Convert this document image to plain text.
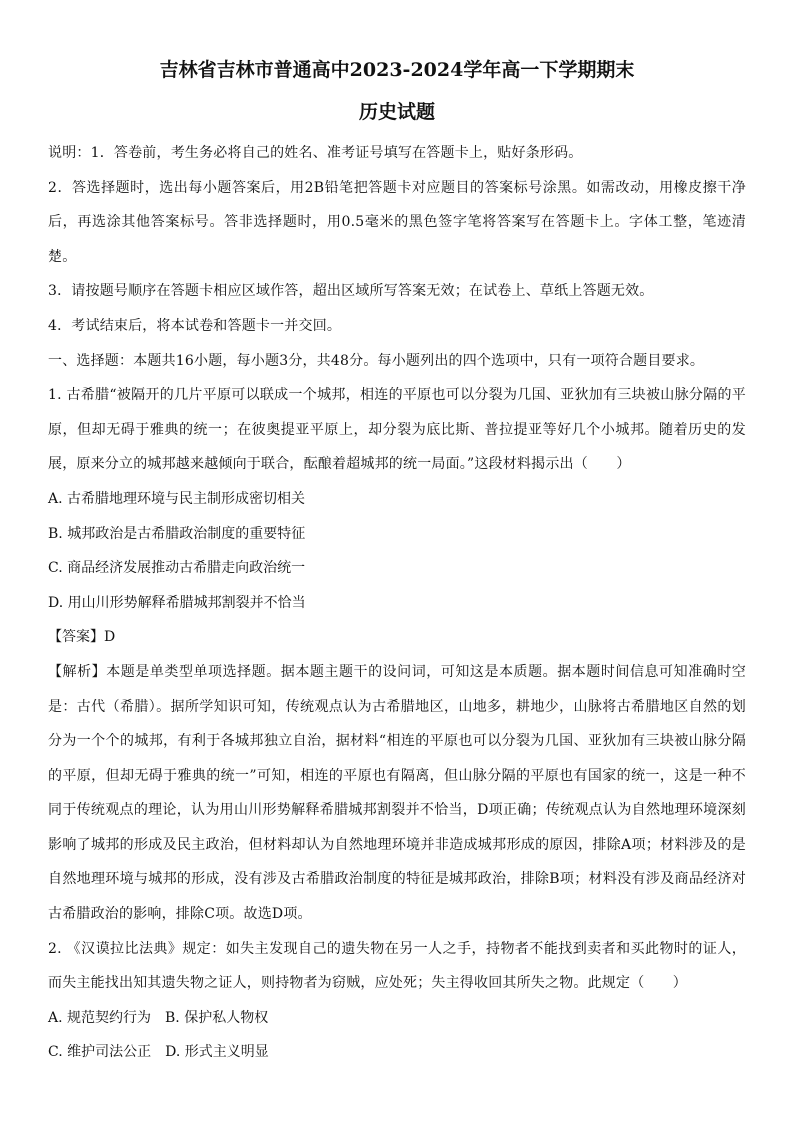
吉林省吉林市普通高中2023-2024学年高一下学期期末
历史试题

说明：1．答卷前，考生务必将自己的姓名、准考证号填写在答题卡上，贴好条形码。

2．答选择题时，选出每小题答案后，用2B铅笔把答题卡对应题目的答案标号涂黑。如需改动，用橡皮擦干净后，再选涂其他答案标号。答非选择题时，用0.5毫米的黑色签字笔将答案写在答题卡上。字体工整，笔迹清楚。

3．请按题号顺序在答题卡相应区域作答，超出区域所写答案无效；在试卷上、草纸上答题无效。

4．考试结束后，将本试卷和答题卡一并交回。

一、选择题：本题共16小题，每小题3分，共48分。每小题列出的四个选项中，只有一项符合题目要求。

1. 古希腊“被隔开的几片平原可以联成一个城邦，相连的平原也可以分裂为几国、亚狄加有三块被山脉分隔的平原，但却无碍于雅典的统一；在彼奥提亚平原上，却分裂为底比斯、普拉提亚等好几个小城邦。随着历史的发展，原来分立的城邦越来越倾向于联合，酝酿着超城邦的统一局面。”这段材料揭示出（　　）

A. 古希腊地理环境与民主制形成密切相关

B. 城邦政治是古希腊政治制度的重要特征

C. 商品经济发展推动古希腊走向政治统一

D. 用山川形势解释希腊城邦割裂并不恰当

【答案】D

【解析】本题是单类型单项选择题。据本题主题干的设问词，可知这是本质题。据本题时间信息可知准确时空是：古代（希腊）。据所学知识可知，传统观点认为古希腊地区，山地多，耕地少，山脉将古希腊地区自然的划分为一个个的城邦，有利于各城邦独立自治，据材料“相连的平原也可以分裂为几国、亚狄加有三块被山脉分隔的平原，但却无碍于雅典的统一”可知，相连的平原也有隔离，但山脉分隔的平原也有国家的统一，这是一种不同于传统观点的理论，认为用山川形势解释希腊城邦割裂并不恰当，D项正确；传统观点认为自然地理环境深刻影响了城邦的形成及民主政治，但材料却认为自然地理环境并非造成城邦形成的原因，排除A项；材料涉及的是自然地理环境与城邦的形成，没有涉及古希腊政治制度的特征是城邦政治，排除B项；材料没有涉及商品经济对古希腊政治的影响，排除C项。故选D项。

2. 《汉谟拉比法典》规定：如失主发现自己的遗失物在另一人之手，持物者不能找到卖者和买此物时的证人，而失主能找出知其遗失物之证人，则持物者为窃贼，应处死；失主得收回其所失之物。此规定（　　）

A. 规范契约行为　B. 保护私人物权

C. 维护司法公正　D. 形式主义明显
